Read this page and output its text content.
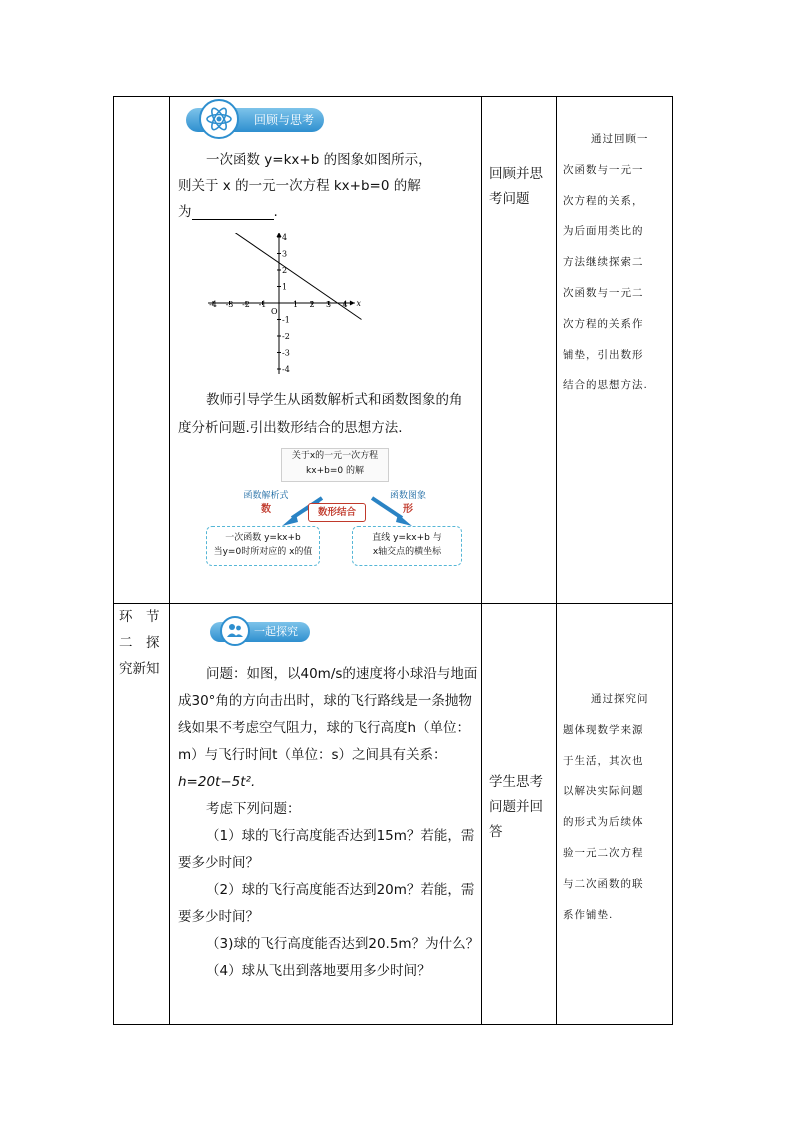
回顾与思考
一次函数 y=kx+b 的图象如图所示，
则关于 x 的一元一次方程 kx+b=0 的解
为	.
-4 -3 -2 -1	1 2 3 4
4
3
2
1
-1
-2
-3
-4
O
x
教师引导学生从函数解析式和函数图象的角
度分析问题.引出数形结合的思想方法.
关于x的一元一次方程
kx+b=0 的解
函数解析式
数
函数图象
形
数形结合
一次函数 y=kx+b
当y=0时所对应的 x的值
直线 y=kx+b 与
x轴交点的横坐标
回顾并思
考问题
通过回顾一
次函数与一元一
次方程的关系，
为后面用类比的
方法继续探索二
次函数与一元二
次方程的关系作
铺垫，引出数形
结合的思想方法.
环　节
二　探
究新知
一起探究
问题：如图，以40m/s的速度将小球沿与地面
成30°角的方向击出时，球的飞行路线是一条抛物
线如果不考虑空气阻力，球的飞行高度h（单位：
m）与飞行时间t（单位：s）之间具有关系：
h=20t−5t².
考虑下列问题：
（1）球的飞行高度能否达到15m？若能，需
要多少时间？
（2）球的飞行高度能否达到20m？若能，需
要多少时间？
（3)球的飞行高度能否达到20.5m？为什么？
（4）球从飞出到落地要用多少时间？
学生思考
问题并回
答
通过探究问
题体现数学来源
于生活，其次也
以解决实际问题
的形式为后续体
验一元二次方程
与二次函数的联
系作铺垫.
